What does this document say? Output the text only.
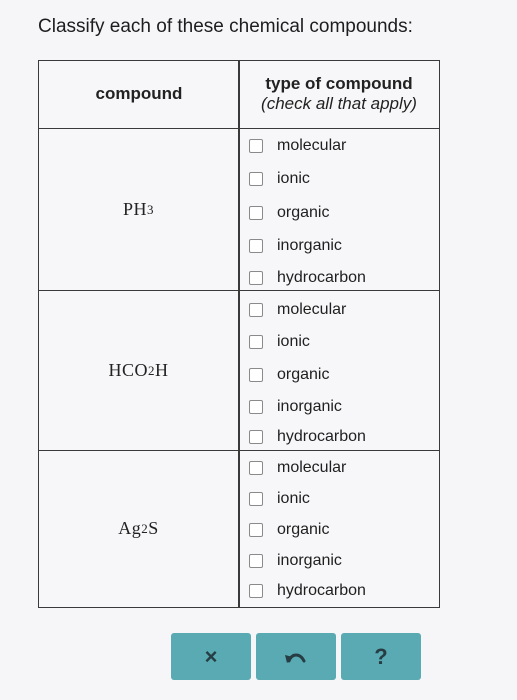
Classify each of these chemical compounds:
compound
type of compound
(check all that apply)
PH 3
molecular
ionic
organic
inorganic
hydrocarbon
HCO 2 H
molecular
ionic
organic
inorganic
hydrocarbon
Ag 2 S
molecular
ionic
organic
inorganic
hydrocarbon
×	?
